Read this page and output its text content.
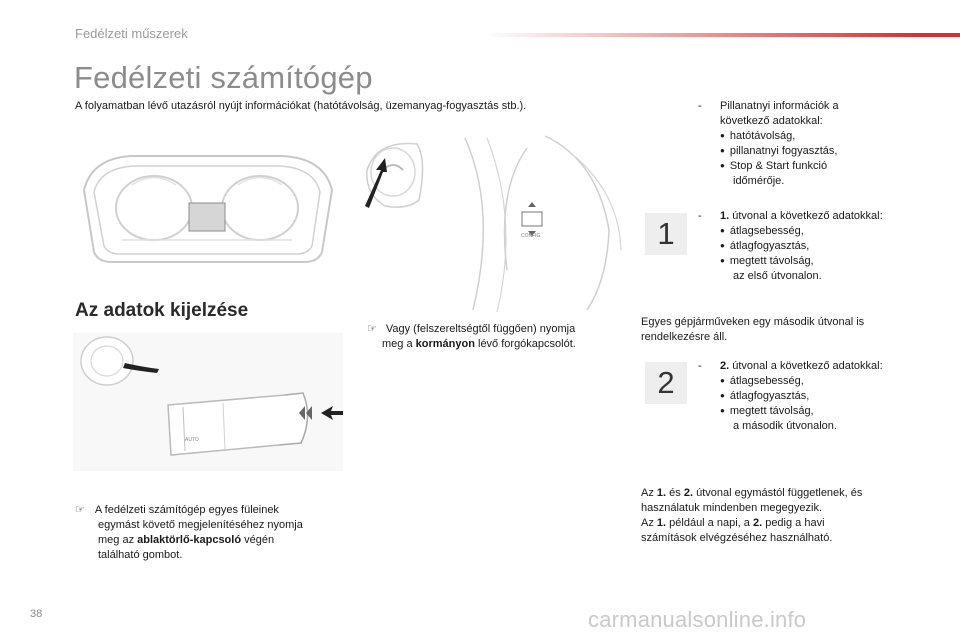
Fedélzeti műszerek
Fedélzeti számítógép
A folyamatban lévő utazásról nyújt információkat (hatótávolság, üzemanyag-fogyasztás stb.).
CONFIG
Az adatok kijelzése
AUTO
☞ Vagy (felszereltségtől függően) nyomja
meg a kormányon lévő forgókapcsolót.
☞ A fedélzeti számítógép egyes füleinek
egymást követő megjelenítéséhez nyomja
meg az ablaktörlő-kapcsoló végén
található gombot.
- Pillanatnyi információk a
következő adatokkal:
● hatótávolság,
● pillanatnyi fogyasztás,
● Stop & Start funkció
időmérője.
1	- 1. útvonal a következő adatokkal:
● átlagsebesség,
● átlagfogyasztás,
● megtett távolság,
az első útvonalon.
Egyes gépjárműveken egy második útvonal is
rendelkezésre áll.
2	- 2. útvonal a következő adatokkal:
● átlagsebesség,
● átlagfogyasztás,
● megtett távolság,
a második útvonalon.
Az 1. és 2. útvonal egymástól függetlenek, és
használatuk mindenben megegyezik.
Az 1. például a napi, a 2. pedig a havi
számítások elvégzéséhez használható.
38	carmanualsonline.info
